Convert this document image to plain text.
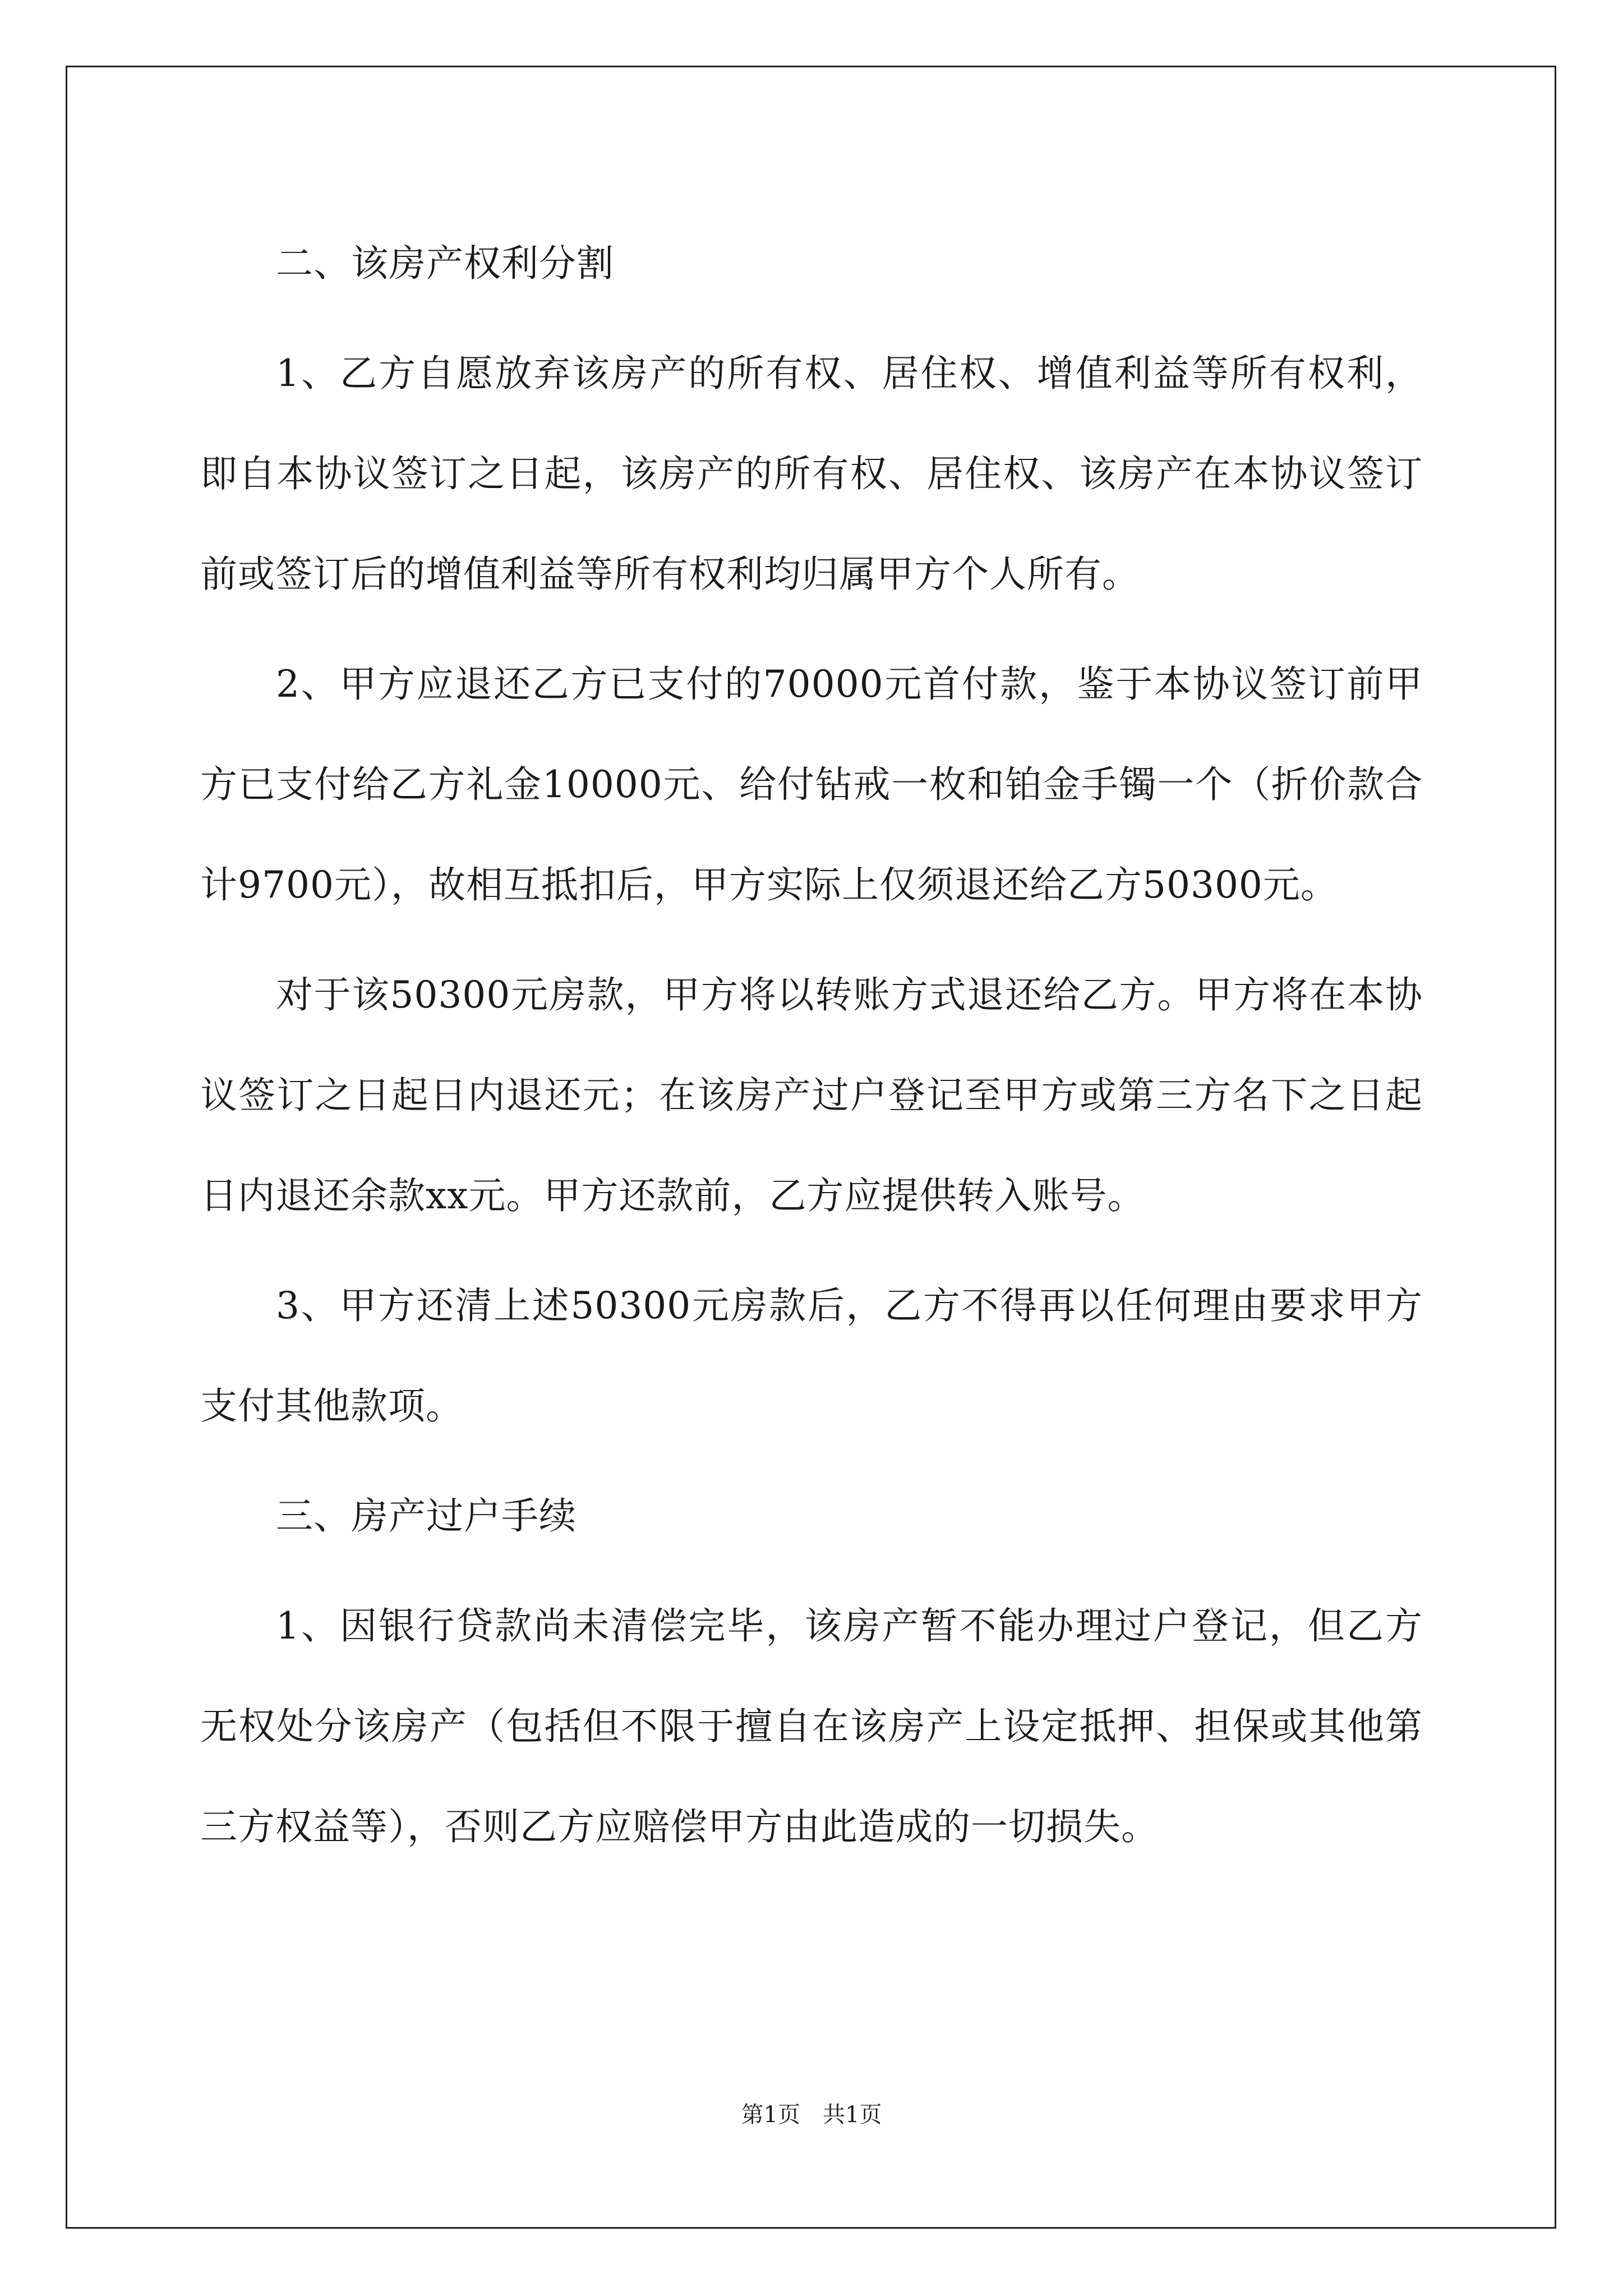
二、该房产权利分割

1、乙方自愿放弃该房产的所有权、居住权、增值利益等所有权利，即自本协议签订之日起，该房产的所有权、居住权、该房产在本协议签订前或签订后的增值利益等所有权利均归属甲方个人所有。

2、甲方应退还乙方已支付的70000元首付款，鉴于本协议签订前甲方已支付给乙方礼金10000元、给付钻戒一枚和铂金手镯一个（折价款合计9700元），故相互抵扣后，甲方实际上仅须退还给乙方50300元。

对于该50300元房款，甲方将以转账方式退还给乙方。甲方将在本协议签订之日起日内退还元；在该房产过户登记至甲方或第三方名下之日起日内退还余款xx元。甲方还款前，乙方应提供转入账号。

3、甲方还清上述50300元房款后，乙方不得再以任何理由要求甲方支付其他款项。

三、房产过户手续

1、因银行贷款尚未清偿完毕，该房产暂不能办理过户登记，但乙方无权处分该房产（包括但不限于擅自在该房产上设定抵押、担保或其他第三方权益等），否则乙方应赔偿甲方由此造成的一切损失。

第1页　共1页
